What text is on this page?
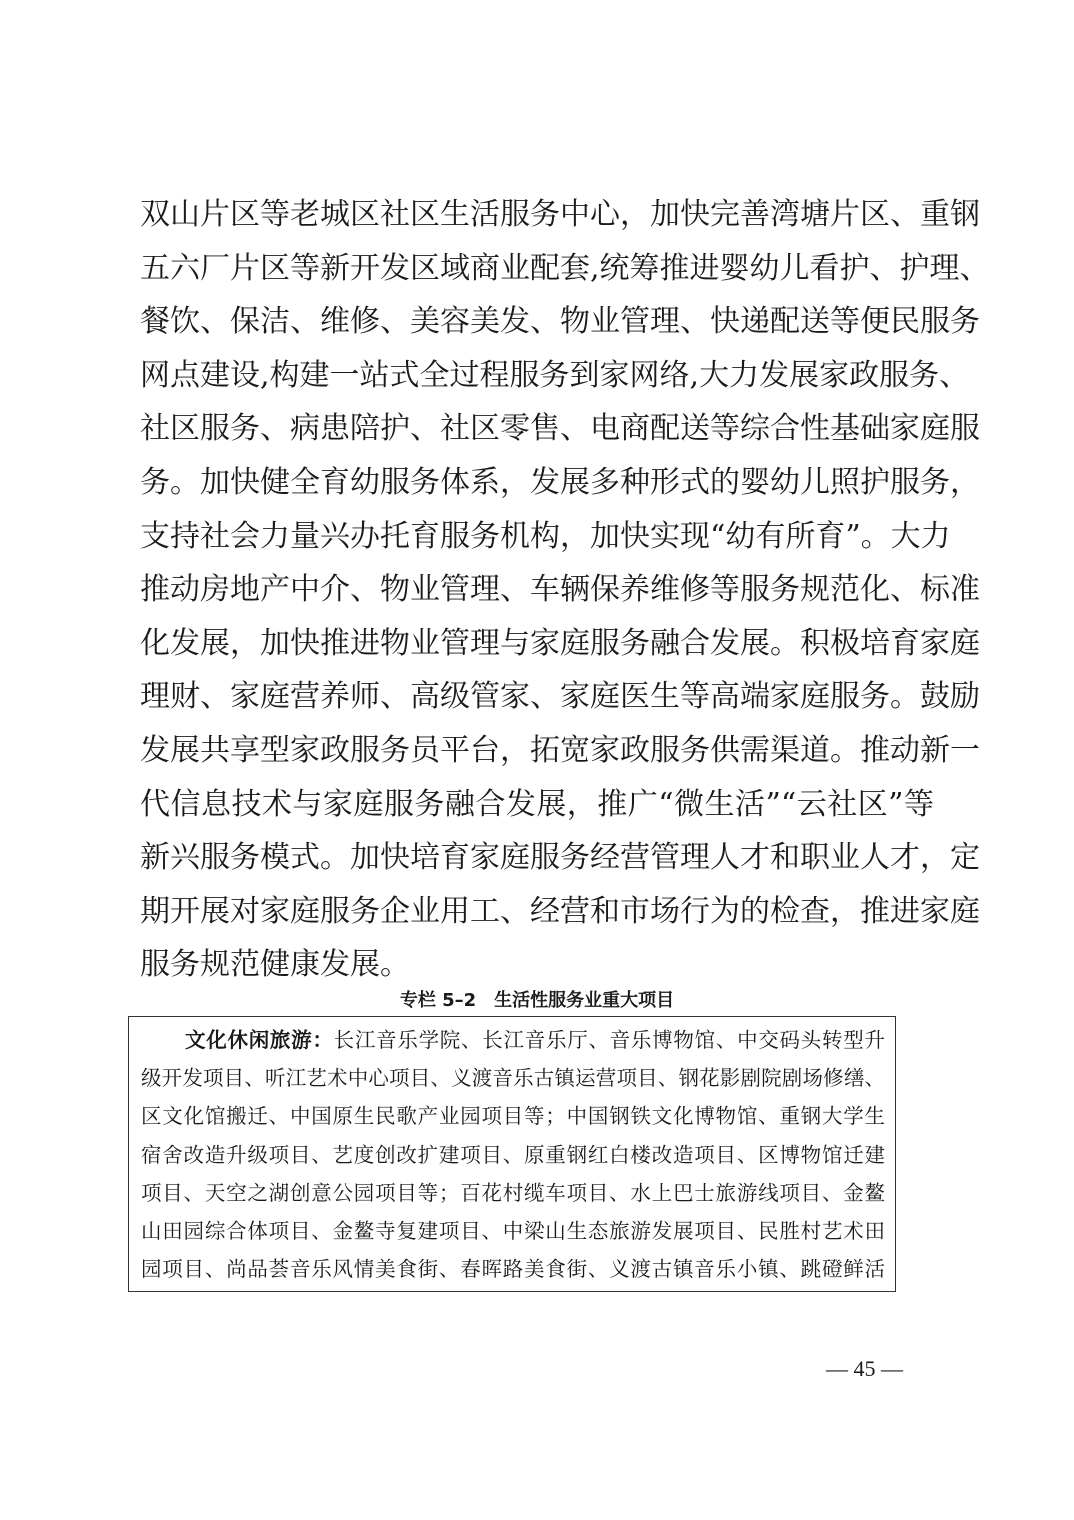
双山片区等老城区社区生活服务中心，加快完善湾塘片区、重钢
五六厂片区等新开发区域商业配套,统筹推进婴幼儿看护、护理、
餐饮、保洁、维修、美容美发、物业管理、快递配送等便民服务
网点建设,构建一站式全过程服务到家网络,大力发展家政服务、
社区服务、病患陪护、社区零售、电商配送等综合性基础家庭服
务。加快健全育幼服务体系，发展多种形式的婴幼儿照护服务，
支持社会力量兴办托育服务机构，加快实现“幼有所育”。大力
推动房地产中介、物业管理、车辆保养维修等服务规范化、标准
化发展，加快推进物业管理与家庭服务融合发展。积极培育家庭
理财、家庭营养师、高级管家、家庭医生等高端家庭服务。鼓励
发展共享型家政服务员平台，拓宽家政服务供需渠道。推动新一
代信息技术与家庭服务融合发展，推广“微生活”“云社区”等
新兴服务模式。加快培育家庭服务经营管理人才和职业人才，定
期开展对家庭服务企业用工、经营和市场行为的检查，推进家庭
服务规范健康发展。
专栏 5–2　生活性服务业重大项目
文化休闲旅游：长江音乐学院、长江音乐厅、音乐博物馆、中交码头转型升
级开发项目、听江艺术中心项目、义渡音乐古镇运营项目、钢花影剧院剧场修缮、
区文化馆搬迁、中国原生民歌产业园项目等；中国钢铁文化博物馆、重钢大学生
宿舍改造升级项目、艺度创改扩建项目、原重钢红白楼改造项目、区博物馆迁建
项目、天空之湖创意公园项目等；百花村缆车项目、水上巴士旅游线项目、金鳌
山田园综合体项目、金鳌寺复建项目、中梁山生态旅游发展项目、民胜村艺术田
园项目、尚品荟音乐风情美食街、春晖路美食街、义渡古镇音乐小镇、跳磴鲜活
— 45 —
